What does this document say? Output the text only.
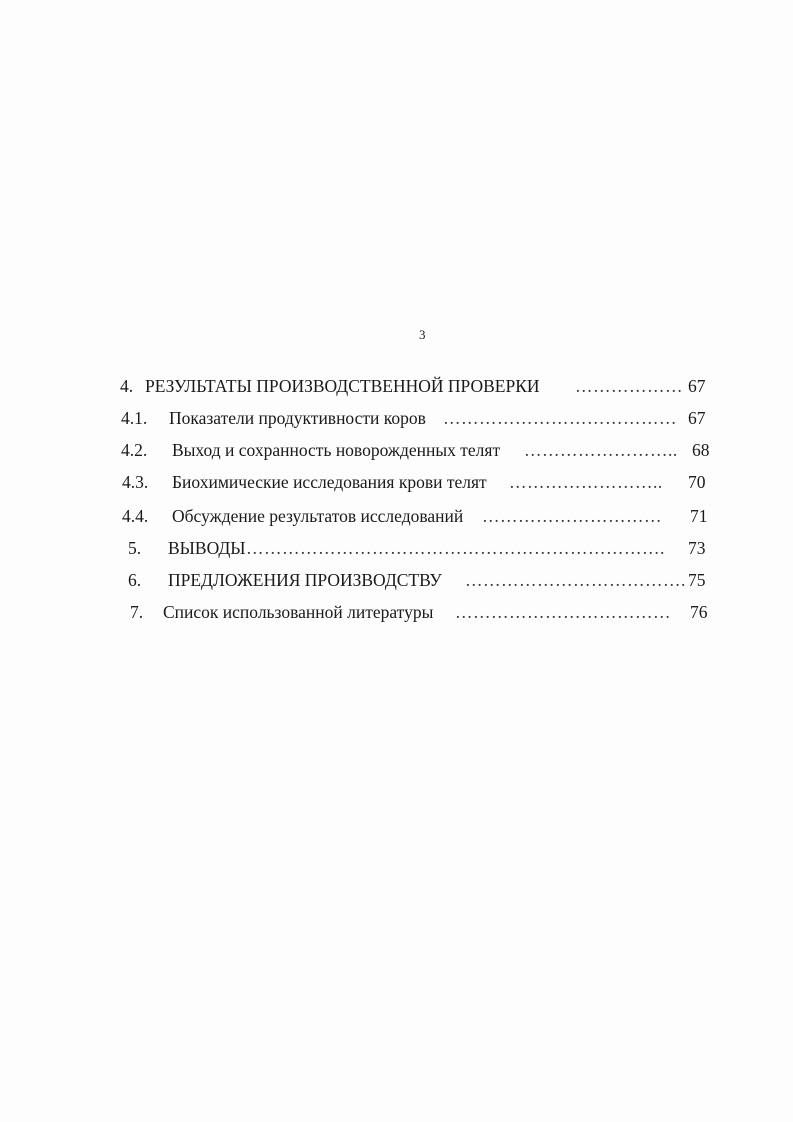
3
4. РЕЗУЛЬТАТЫ ПРОИЗВОДСТВЕННОЙ ПРОВЕРКИ ……………… 67
4.1. Показатели продуктивности коров ………………………………… 67
4.2. Выход и сохранность новорожденных телят …………………….. 68
4.3. Биохимические исследования крови телят …………………….. 70
4.4. Обсуждение результатов исследований ………………………… 71
5. ВЫВОДЫ ……………………………………………………………. 73
6. ПРЕДЛОЖЕНИЯ ПРОИЗВОДСТВУ ………………………………. 75
7. Список использованной литературы ……………………………… 76
